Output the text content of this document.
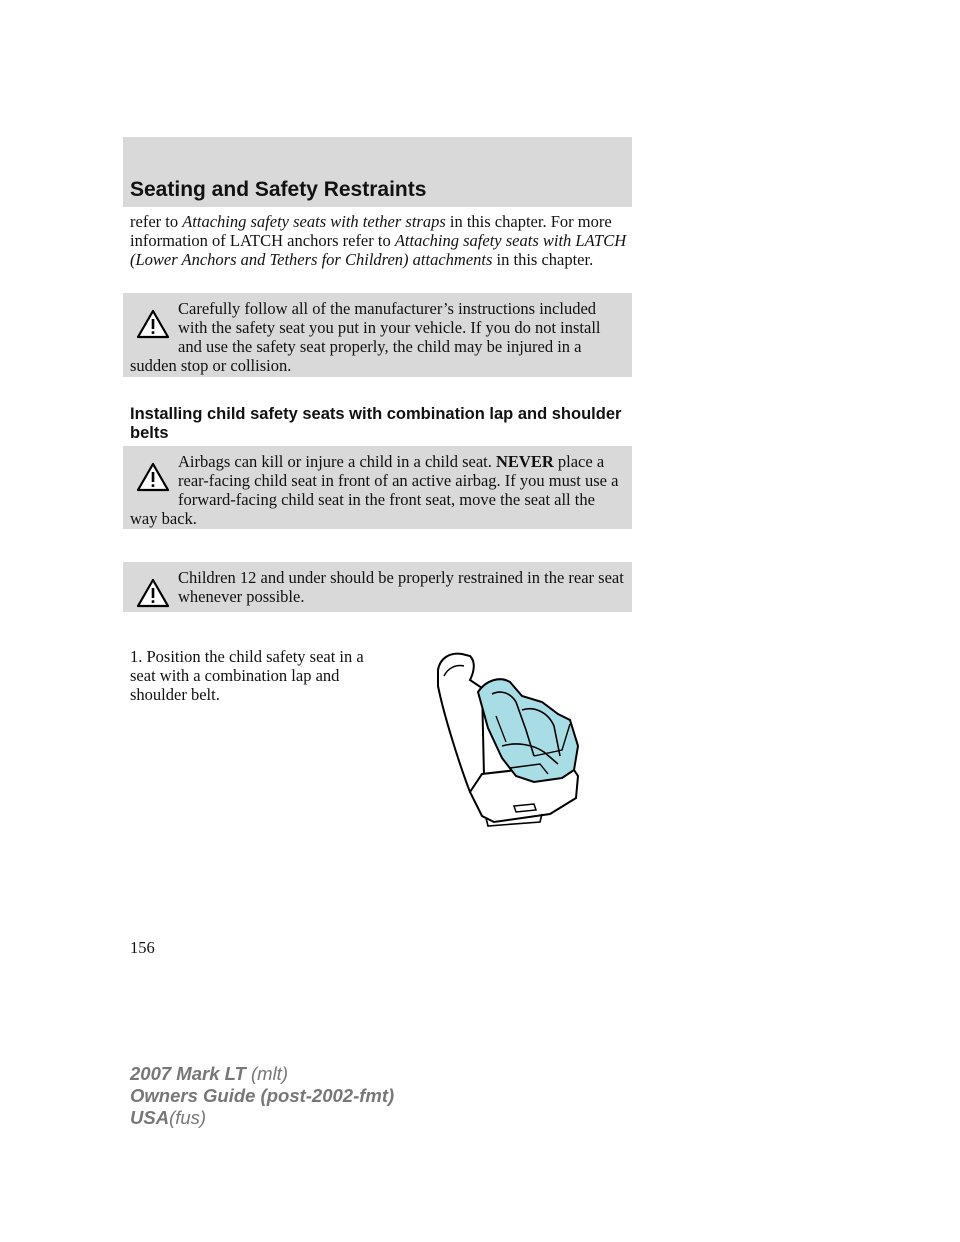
Seating and Safety Restraints

refer to Attaching safety seats with tether straps in this chapter. For more information of LATCH anchors refer to Attaching safety seats with LATCH (Lower Anchors and Tethers for Children) attachments in this chapter.

Carefully follow all of the manufacturer’s instructions included with the safety seat you put in your vehicle. If you do not install and use the safety seat properly, the child may be injured in a sudden stop or collision.
Installing child safety seats with combination lap and shoulder belts
Airbags can kill or injure a child in a child seat. NEVER place a rear-facing child seat in front of an active airbag. If you must use a forward-facing child seat in the front seat, move the seat all the way back.
Children 12 and under should be properly restrained in the rear seat whenever possible.

1. Position the child safety seat in a seat with a combination lap and shoulder belt.

156

2007 Mark LT (mlt)
Owners Guide (post-2002-fmt)
USA(fus)
